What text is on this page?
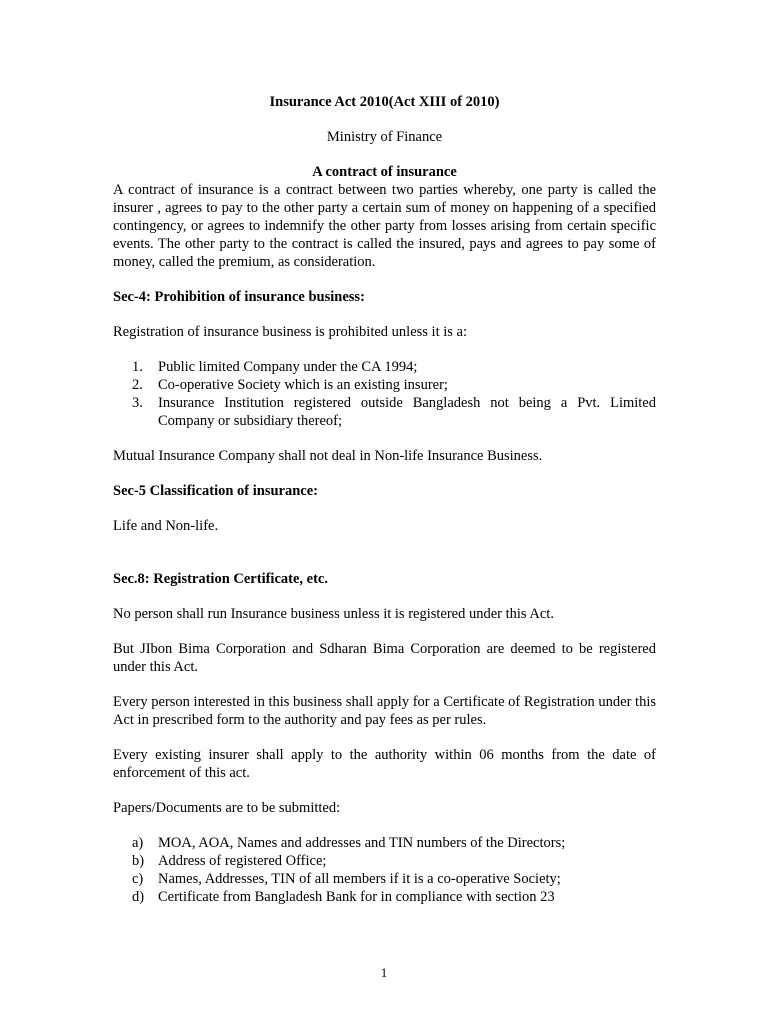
Insurance Act 2010(Act XIII of 2010)

Ministry of Finance

A contract of insurance

A contract of insurance is a contract between two parties whereby, one party is called the insurer , agrees to pay to the other party a certain sum of money on happening of a specified contingency, or agrees to indemnify the other party from losses arising from certain specific events. The other party to the contract is called the insured, pays and agrees to pay some of money, called the premium, as consideration.

Sec-4: Prohibition of insurance business:

Registration of insurance business is prohibited unless it is a:

1. Public limited Company under the CA 1994;
2. Co-operative Society which is an existing insurer;
3. Insurance Institution registered outside Bangladesh not being a Pvt. Limited Company or subsidiary thereof;

Mutual Insurance Company shall not deal in Non-life Insurance Business.

Sec-5 Classification of insurance:

Life and Non-life.

Sec.8: Registration Certificate, etc.

No person shall run Insurance business unless it is registered under this Act.

But JIbon Bima Corporation and Sdharan Bima Corporation are deemed to be registered under this Act.

Every person interested in this business shall apply for a Certificate of Registration under this Act in prescribed form to the authority and pay fees as per rules.

Every existing insurer shall apply to the authority within 06 months from the date of enforcement of this act.

Papers/Documents are to be submitted:

a) MOA, AOA, Names and addresses and TIN numbers of the Directors;
b) Address of registered Office;
c) Names, Addresses, TIN of all members if it is a co-operative Society;
d) Certificate from Bangladesh Bank for in compliance with section 23
1
